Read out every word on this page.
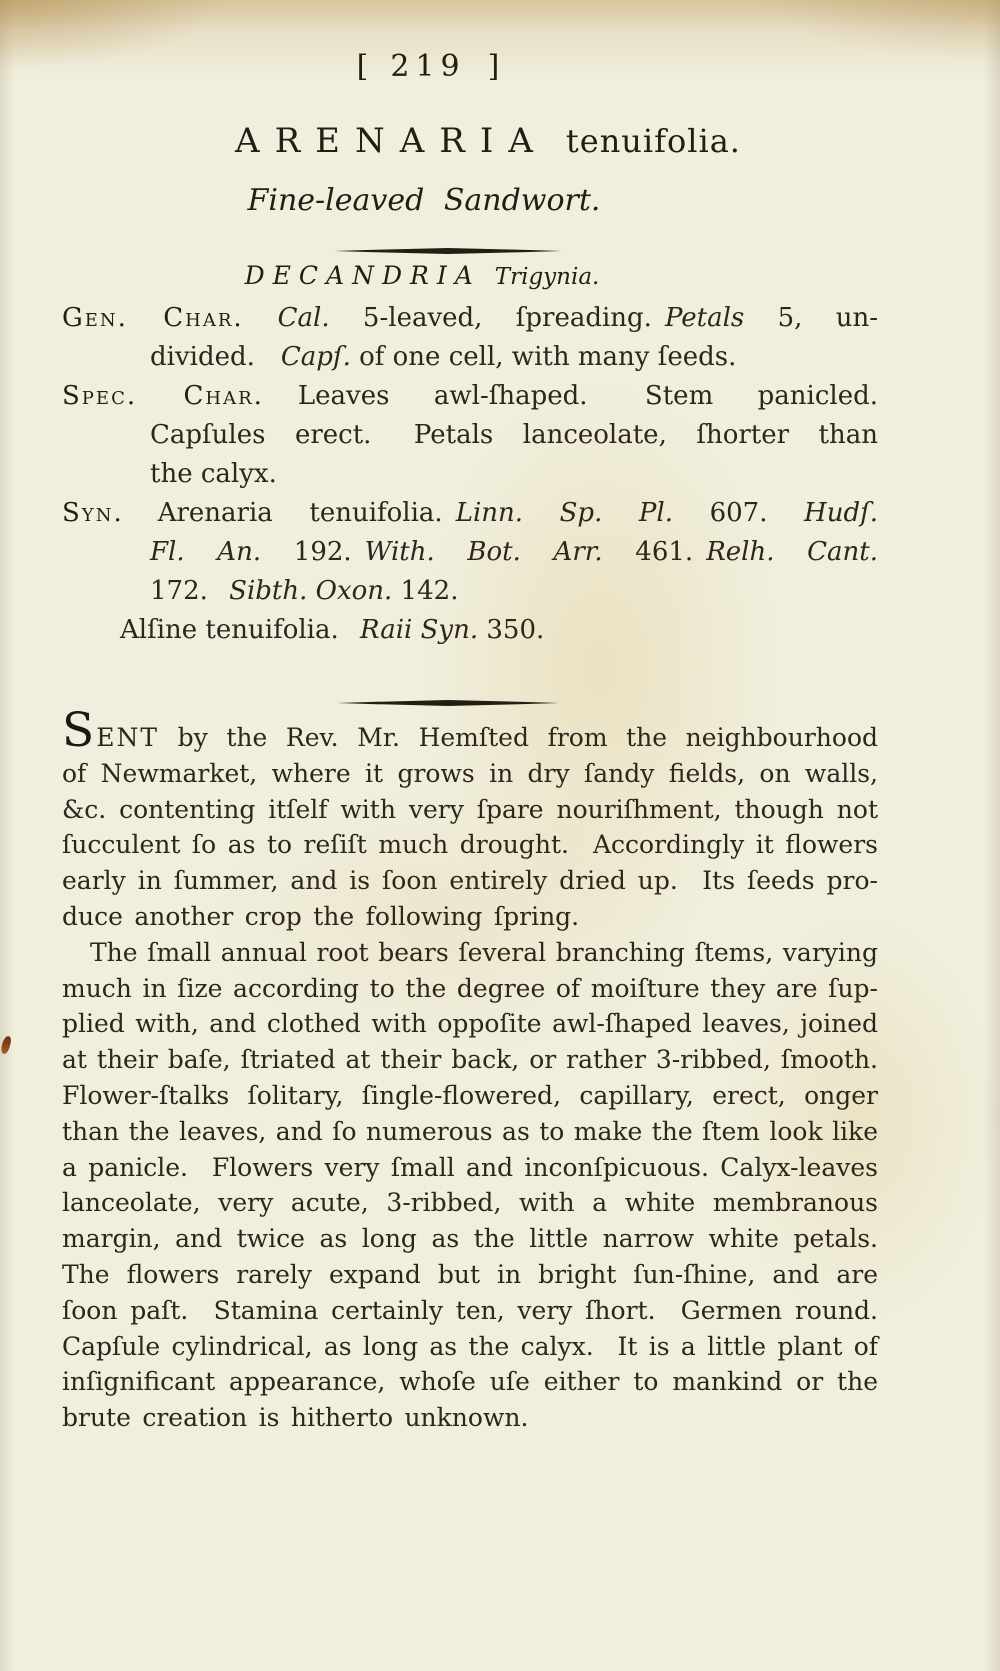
[ 219 ]
ARENARIA tenuifolia.
Fine-leaved Sandwort.
DECANDRIA Trigynia.
Gen. Char. Cal. 5-leaved, ſpreading. Petals 5, un-
divided.  Capſ. of one cell, with many ſeeds.
Spec. Char. Leaves awl-ſhaped.  Stem panicled.
Capſules erect.  Petals lanceolate, ſhorter than
the calyx.
Syn. Arenaria tenuifolia. Linn. Sp. Pl. 607. Hudſ.
Fl. An. 192. With. Bot. Arr. 461. Relh. Cant.
172.  Sibth. Oxon. 142.
Alſine tenuifolia.  Raii Syn. 350.
SENT by the Rev. Mr. Hemſted from the neighbourhood
of Newmarket, where it grows in dry ſandy fields, on walls,
&c. contenting itſelf with very ſpare nouriſhment, though not
ſucculent ſo as to reſiſt much drought.  Accordingly it flowers
early in ſummer, and is ſoon entirely dried up.  Its ſeeds pro-
duce another crop the following ſpring.
The ſmall annual root bears ſeveral branching ſtems, varying
much in ſize according to the degree of moiſture they are ſup-
plied with, and clothed with oppoſite awl-ſhaped leaves, joined
at their baſe, ſtriated at their back, or rather 3-ribbed, ſmooth.
Flower-ſtalks ſolitary, ſingle-flowered, capillary, erect, onger
than the leaves, and ſo numerous as to make the ſtem look like
a panicle.  Flowers very ſmall and inconſpicuous. Calyx-leaves
lanceolate, very acute, 3-ribbed, with a white membranous
margin, and twice as long as the little narrow white petals.
The flowers rarely expand but in bright ſun-ſhine, and are
ſoon paſt.  Stamina certainly ten, very ſhort.  Germen round.
Capſule cylindrical, as long as the calyx.  It is a little plant of
inſignificant appearance, whoſe uſe either to mankind or the
brute creation is hitherto unknown.
